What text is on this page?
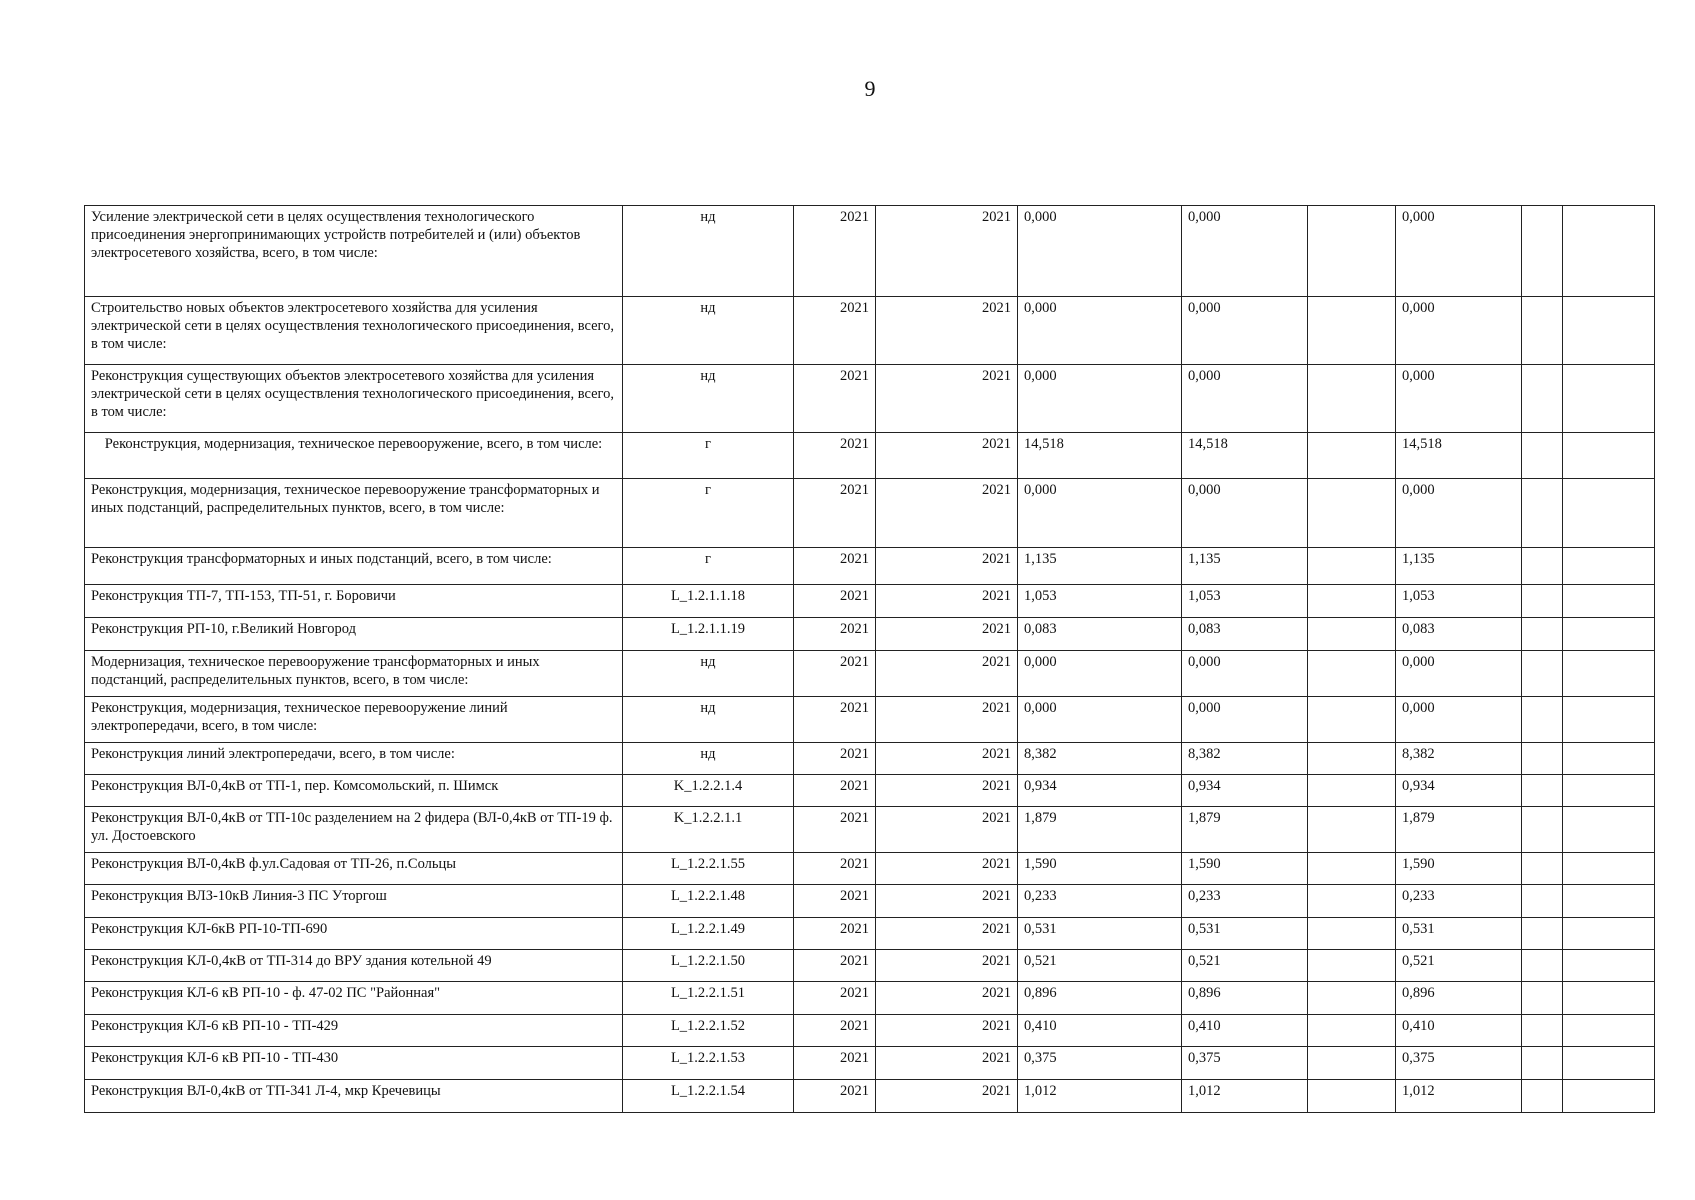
9
Усиление электрической сети в целях осуществления технологического присоединения энергопринимающих устройств потребителей и (или) объектов электросетевого хозяйства, всего, в том числе:	нд	2021	2021	0,000	0,000		0,000		
Строительство новых объектов электросетевого хозяйства для усиления электрической сети в целях осуществления технологического присоединения, всего, в том числе:	нд	2021	2021	0,000	0,000		0,000		
Реконструкция существующих объектов электросетевого хозяйства для усиления электрической сети в целях осуществления технологического присоединения, всего, в том числе:	нд	2021	2021	0,000	0,000		0,000		
Реконструкция, модернизация, техническое перевооружение, всего, в том числе:	г	2021	2021	14,518	14,518		14,518		
Реконструкция, модернизация, техническое перевооружение трансформаторных и иных подстанций, распределительных пунктов, всего, в том числе:	г	2021	2021	0,000	0,000		0,000		
Реконструкция трансформаторных и иных подстанций, всего, в том числе:	г	2021	2021	1,135	1,135		1,135		
Реконструкция ТП-7, ТП-153, ТП-51, г. Боровичи	L_1.2.1.1.18	2021	2021	1,053	1,053		1,053		
Реконструкция РП-10, г.Великий Новгород	L_1.2.1.1.19	2021	2021	0,083	0,083		0,083		
Модернизация, техническое перевооружение трансформаторных и иных подстанций, распределительных пунктов, всего, в том числе:	нд	2021	2021	0,000	0,000		0,000		
Реконструкция, модернизация, техническое перевооружение линий электропередачи, всего, в том числе:	нд	2021	2021	0,000	0,000		0,000		
Реконструкция линий электропередачи, всего, в том числе:	нд	2021	2021	8,382	8,382		8,382		
Реконструкция ВЛ-0,4кВ от ТП-1, пер. Комсомольский, п. Шимск	K_1.2.2.1.4	2021	2021	0,934	0,934		0,934		
Реконструкция ВЛ-0,4кВ от ТП-10с разделением на 2 фидера (ВЛ-0,4кВ от ТП-19 ф. ул. Достоевского	K_1.2.2.1.1	2021	2021	1,879	1,879		1,879		
Реконструкция ВЛ-0,4кВ ф.ул.Садовая от ТП-26, п.Сольцы	L_1.2.2.1.55	2021	2021	1,590	1,590		1,590		
Реконструкция ВЛЗ-10кВ Линия-3 ПС Уторгош	L_1.2.2.1.48	2021	2021	0,233	0,233		0,233		
Реконструкция КЛ-6кВ РП-10-ТП-690	L_1.2.2.1.49	2021	2021	0,531	0,531		0,531		
Реконструкция КЛ-0,4кВ от ТП-314 до ВРУ здания котельной 49	L_1.2.2.1.50	2021	2021	0,521	0,521		0,521		
Реконструкция КЛ-6 кВ РП-10 - ф. 47-02 ПС "Районная"	L_1.2.2.1.51	2021	2021	0,896	0,896		0,896		
Реконструкция КЛ-6 кВ РП-10 - ТП-429	L_1.2.2.1.52	2021	2021	0,410	0,410		0,410		
Реконструкция КЛ-6 кВ РП-10 - ТП-430	L_1.2.2.1.53	2021	2021	0,375	0,375		0,375		
Реконструкция ВЛ-0,4кВ от ТП-341 Л-4, мкр Кречевицы	L_1.2.2.1.54	2021	2021	1,012	1,012		1,012		
